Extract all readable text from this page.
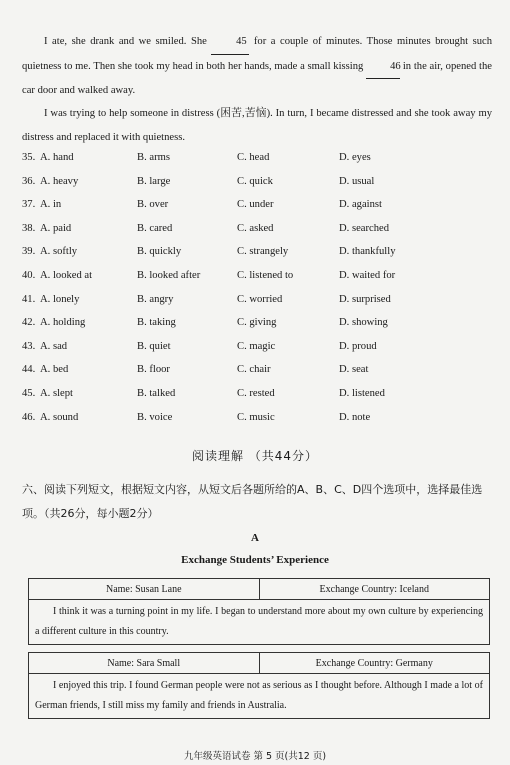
I ate, she drank and we smiled. She	45 for a couple of minutes. Those minutes brought such quietness to me. Then she took my head in both her hands, made a small kissing	46 in the air, opened the car door and walked away.
I was trying to help someone in distress (困苦,苦恼). In turn, I became distressed and she took away my distress and replaced it with quietness.
35. A. hand	B. arms	C. head	D. eyes
36. A. heavy	B. large	C. quick	D. usual
37. A. in	B. over	C. under	D. against
38. A. paid	B. cared	C. asked	D. searched
39. A. softly	B. quickly	C. strangely	D. thankfully
40. A. looked at	B. looked after	C. listened to	D. waited for
41. A. lonely	B. angry	C. worried	D. surprised
42. A. holding	B. taking	C. giving	D. showing
43. A. sad	B. quiet	C. magic	D. proud
44. A. bed	B. floor	C. chair	D. seat
45. A. slept	B. talked	C. rested	D. listened
46. A. sound	B. voice	C. music	D. note
阅读理解 （共44分）
六、阅读下列短文，根据短文内容，从短文后各题所给的A、B、C、D四个选项中，选择最佳选项。（共26分，每小题2分）
A
Exchange Students’ Experience
Name: Susan Lane	Exchange Country: Iceland
I think it was a turning point in my life. I began to understand more about my own culture by experiencing a different culture in this country.
Name: Sara Small	Exchange Country: Germany
I enjoyed this trip. I found German people were not as serious as I thought before. Although I made a lot of German friends, I still miss my family and friends in Australia.
九年级英语试卷 第 5 页(共12 页)
